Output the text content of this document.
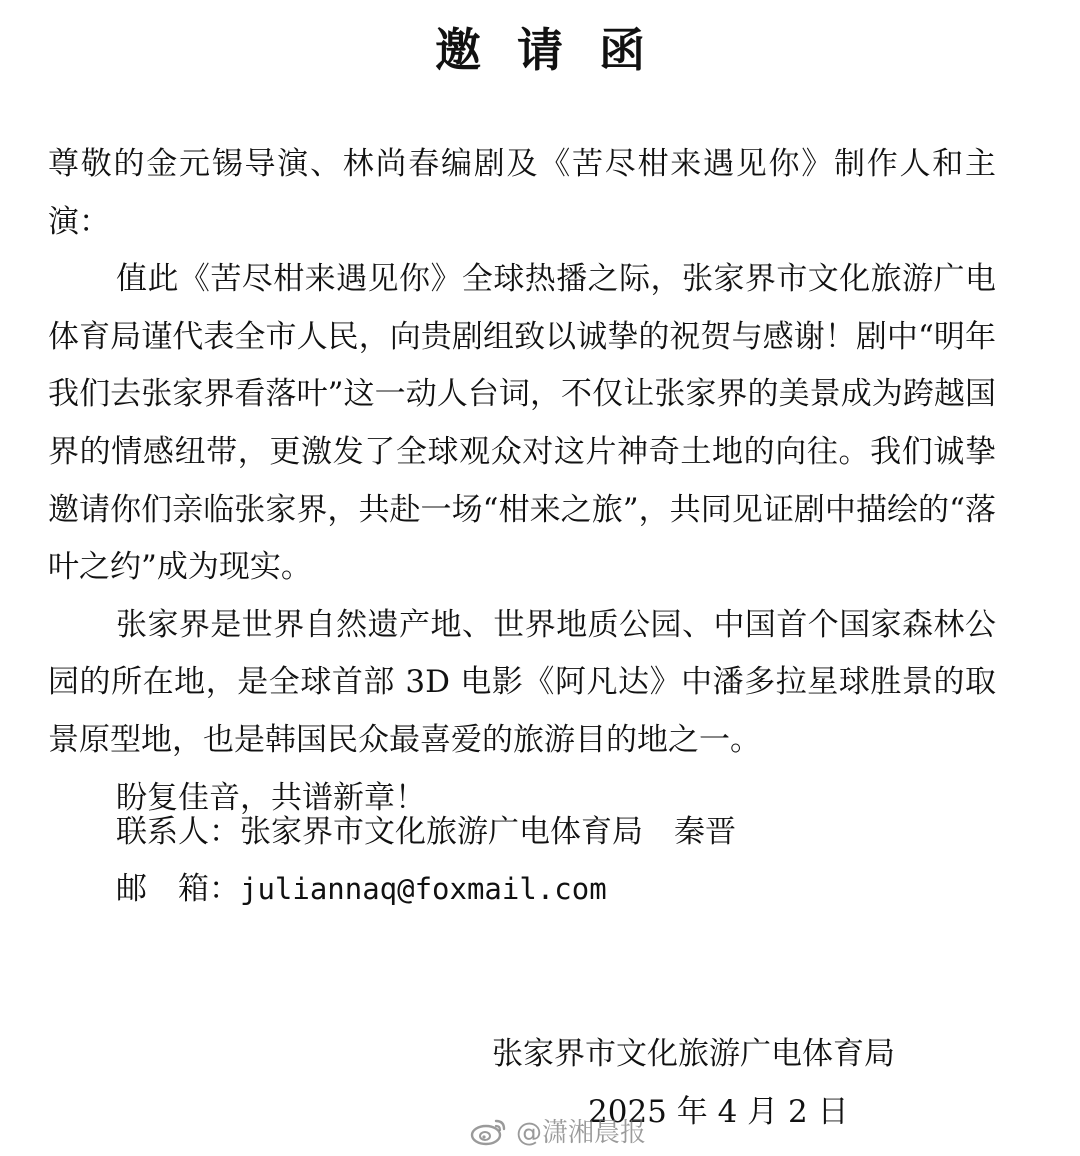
邀请函

尊敬的金元锡导演、林尚春编剧及《苦尽柑来遇见你》制作人和主演：

值此《苦尽柑来遇见你》全球热播之际，张家界市文化旅游广电体育局谨代表全市人民，向贵剧组致以诚挚的祝贺与感谢！剧中“明年我们去张家界看落叶”这一动人台词，不仅让张家界的美景成为跨越国界的情感纽带，更激发了全球观众对这片神奇土地的向往。我们诚挚邀请你们亲临张家界，共赴一场“柑来之旅”，共同见证剧中描绘的“落叶之约”成为现实。

张家界是世界自然遗产地、世界地质公园、中国首个国家森林公园的所在地，是全球首部 3D 电影《阿凡达》中潘多拉星球胜景的取景原型地，也是韩国民众最喜爱的旅游目的地之一。

盼复佳音，共谱新章！

联系人：张家界市文化旅游广电体育局　秦晋
邮　箱：juliannaq@foxmail.com
张家界市文化旅游广电体育局
2025 年 4 月 2 日
@潇湘晨报
